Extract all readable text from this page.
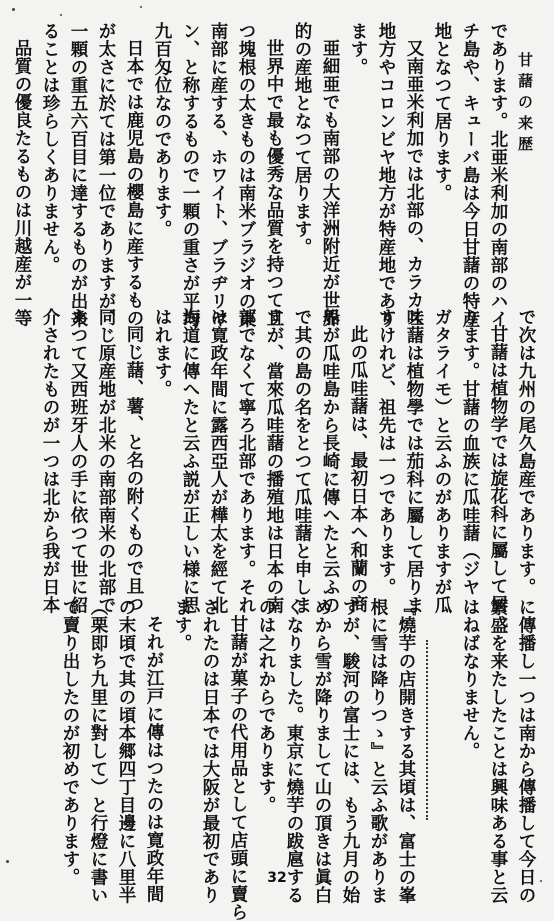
甘藷の来歴
であります。北亜米利加の南部のハイ
チ島や、キューバ島は今日甘藷の特産
地となつて居ります。
又南亜米利加では北部の、カラカス
地方やコロンビヤ地方が特産地であり
ます。
亜細亜でも南部の大洋洲附近が世界
的の産地となつて居ります。
世界中で最も優秀な品質を持つて且
つ塊根の太きものは南米ブラジオの東
南部に産する、ホワイト、ブラヂリヤ
ン、と称するもので一顆の重さが平均
九百匁位なのであります。
日本では鹿児島の櫻島に産するもの
が太さに於ては第一位でありますが、
一顆の重五六百目に達するものが出来
ることは珍らしくありません。
品質の優良たるものは川越産が一等
で次は九州の尾久島産であります。
甘藷は植物学では旋花科に屬して居
ります。甘藷の血族に瓜哇藷（ジヤ
ガタライモ）と云ふのがありますが瓜
哇藷は植物學では茄科に屬して居りま
すけれど、祖先は一つであります。
此の瓜哇藷は、最初日本へ和蘭の商
船が瓜哇島から長崎に傳へたと云ふの
で其の島の名をとつて瓜哇藷と申しま
すが、當來瓜哇藷の播殖地は日本の南
部でなくて寧ろ北部であります。それ
は寛政年間に露西亞人が樺太を經て北
海道に傳へたと云ふ説が正しい様に思
はれます。
同じ藷、薯、と名の附くもので且つ
同じ原産地が北米の南部南米の北部で
あつて又西班牙人の手に依つて世に紹
介されたものが一つは北から我が日本
に傳播し一つは南から傳播して今日の
繁盛を来たしたことは興味ある事と云
はねばなりません。
『燒芋の店開きする其頃は、富士の峯
根に雪は降りつゝ』と云ふ歌がありま
すが、駿河の富士には、もう九月の始
めから雪が降りまして山の頂きは眞白
くなりました。東京に燒芋の跋扈する
のは之れからであります。
甘藷が菓子の代用品として店頭に賣ら
されたのは日本では大阪が最初であり
ます。
それが江戸に傳はつたのは寛政年間
の末頃で其の頃本郷四丁目邊に八里半
（栗即ち九里に對して）と行燈に書い
て賣り出したのが初めであります。	32
